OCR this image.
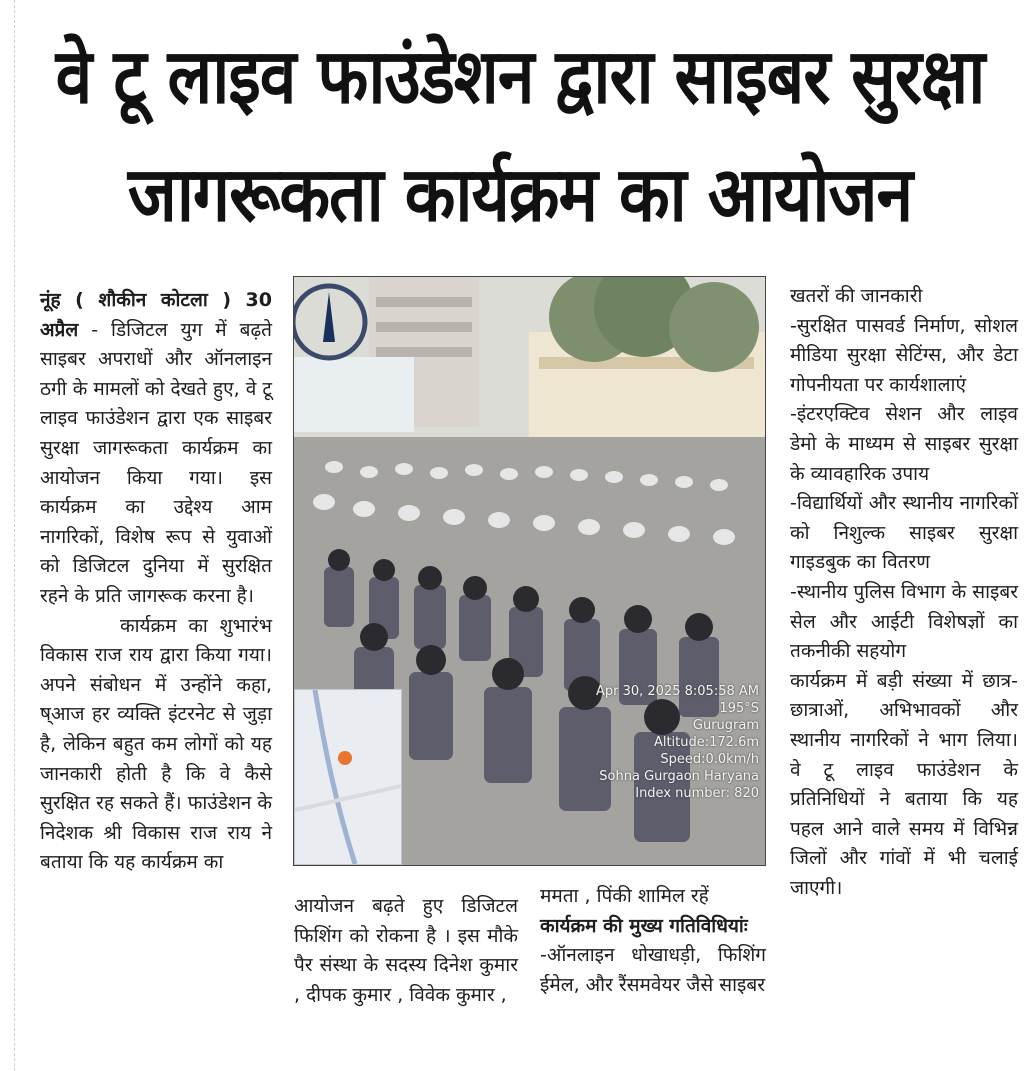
वे टू लाइव फाउंडेशन द्वारा साइबर सुरक्षा
जागरूकता कार्यक्रम का आयोजन

नूंह ( शौकीन कोटला ) 30 अप्रैल - डिजिटल युग में बढ़ते साइबर अपराधों और ऑनलाइन ठगी के मामलों को देखते हुए, वे टू लाइव फाउंडेशन द्वारा एक साइबर सुरक्षा जागरूकता कार्यक्रम का आयोजन किया गया। इस कार्यक्रम का उद्देश्य आम नागरिकों, विशेष रूप से युवाओं को डिजिटल दुनिया में सुरक्षित रहने के प्रति जागरूक करना है।

कार्यक्रम का शुभारंभ विकास राज राय द्वारा किया गया। अपने संबोधन में उन्होंने कहा, ष्आज हर व्यक्ति इंटरनेट से जुड़ा है, लेकिन बहुत कम लोगों को यह जानकारी होती है कि वे कैसे सुरक्षित रह सकते हैं। फाउंडेशन के निदेशक श्री विकास राज राय ने बताया कि यह कार्यक्रम का

Apr 30, 2025 8:05:58 AM
195°S
Gurugram
Altitude:172.6m
Speed:0.0km/h
Sohna Gurgaon Haryana
Index number: 820

आयोजन बढ़ते हुए डिजिटल फिशिंग को रोकना है । इस मौके पैर संस्था के सदस्य दिनेश कुमार , दीपक कुमार , विवेक कुमार ,

ममता , पिंकी शामिल रहें

कार्यक्रम की मुख्य गतिविधियांः

-ऑनलाइन धोखाधड़ी, फिशिंग ईमेल, और रैंसमवेयर जैसे साइबर

खतरों की जानकारी

-सुरक्षित पासवर्ड निर्माण, सोशल मीडिया सुरक्षा सेटिंग्स, और डेटा गोपनीयता पर कार्यशालाएं

-इंटरएक्टिव सेशन और लाइव डेमो के माध्यम से साइबर सुरक्षा के व्यावहारिक उपाय

-विद्यार्थियों और स्थानीय नागरिकों को निशुल्क साइबर सुरक्षा गाइडबुक का वितरण

-स्थानीय पुलिस विभाग के साइबर सेल और आईटी विशेषज्ञों का तकनीकी सहयोग

कार्यक्रम में बड़ी संख्या में छात्र-छात्राओं, अभिभावकों और स्थानीय नागरिकों ने भाग लिया। वे टू लाइव फाउंडेशन के प्रतिनिधियों ने बताया कि यह पहल आने वाले समय में विभिन्न जिलों और गांवों में भी चलाई जाएगी।
